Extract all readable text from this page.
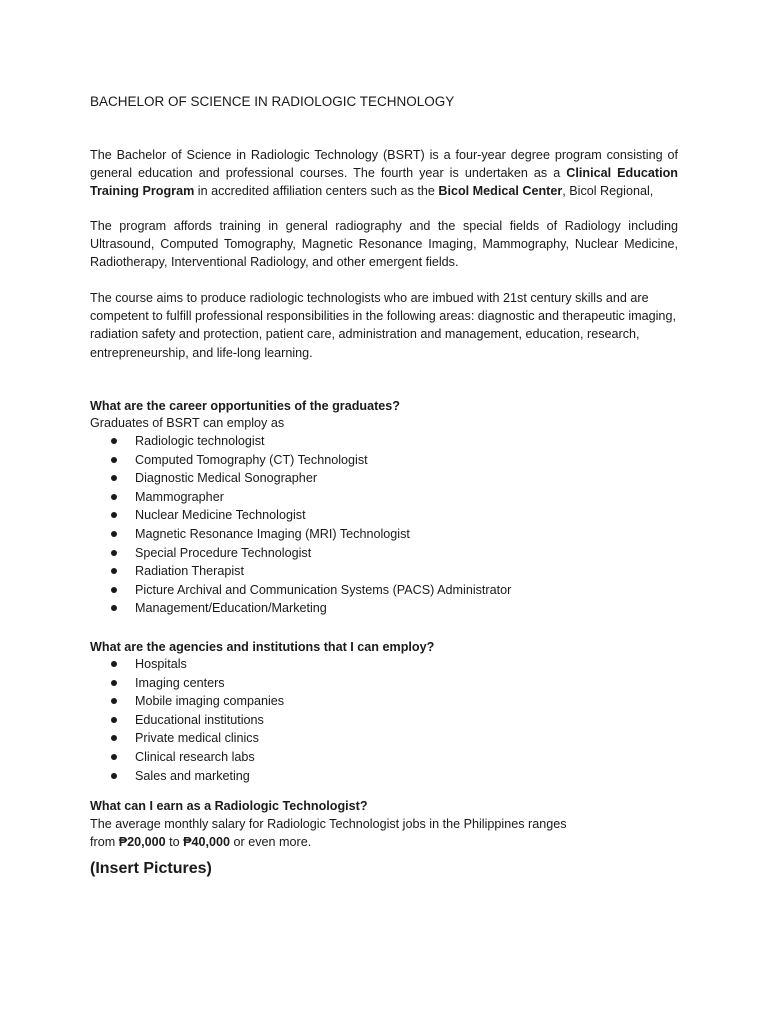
BACHELOR OF SCIENCE IN RADIOLOGIC TECHNOLOGY

The Bachelor of Science in Radiologic Technology (BSRT) is a four-year degree program consisting of general education and professional courses. The fourth year is undertaken as a Clinical Education Training Program in accredited affiliation centers such as the Bicol Medical Center, Bicol Regional,

The program affords training in general radiography and the special fields of Radiology including Ultrasound, Computed Tomography, Magnetic Resonance Imaging, Mammography, Nuclear Medicine, Radiotherapy, Interventional Radiology, and other emergent fields.

The course aims to produce radiologic technologists who are imbued with 21st century skills and are competent to fulfill professional responsibilities in the following areas: diagnostic and therapeutic imaging, radiation safety and protection, patient care, administration and management, education, research, entrepreneurship, and life-long learning.

What are the career opportunities of the graduates?

Graduates of BSRT can employ as

Radiologic technologist
Computed Tomography (CT) Technologist
Diagnostic Medical Sonographer
Mammographer
Nuclear Medicine Technologist
Magnetic Resonance Imaging (MRI) Technologist
Special Procedure Technologist
Radiation Therapist
Picture Archival and Communication Systems (PACS) Administrator
Management/Education/Marketing

What are the agencies and institutions that I can employ?

Hospitals
Imaging centers
Mobile imaging companies
Educational institutions
Private medical clinics
Clinical research labs
Sales and marketing

What can I earn as a Radiologic Technologist?

The average monthly salary for Radiologic Technologist jobs in the Philippines ranges
from ₱20,000 to ₱40,000 or even more.

(Insert Pictures)
